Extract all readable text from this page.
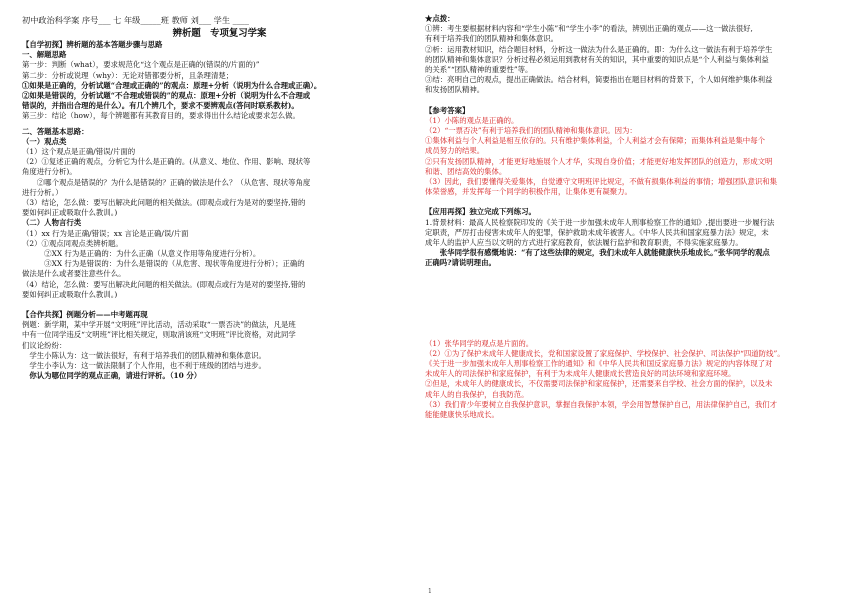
初中政治科学案 序号___ 七 年级_____班 教师 刘___ 学生 ____
辨析题　专项复习学案
【自学初探】辨析题的基本答题步骤与思路
一、解题思路
第一步：判断（what），要求规范化“这个观点是正确的(错误的/片面的)”
第二步：分析或说理（why）：无论对错都要分析，且条理清楚；
①如果是正确的，分析试题“合理或正确的”的观点：原理+分析（说明为什么合理或正确）。
②如果是错误的，分析试题“不合理或错误的”的观点：原理+分析（说明为什么不合理或
错误的，并指出合理的是什么）。有几个辨几个，要求不要辨观点(答问时联系教材)。
第三步：结论（how），每个辨题都有其教育目的，要求得出什么结论或要求怎么做。
二、答题基本思路：
（一）观点类
（1）这个观点是正确/错误/片面的
（2）①复述正确的观点，分析它为什么是正确的。(从意义、地位、作用、影响、现状等
角度进行分析)。
　　②哪个观点是错误的？为什么是错误的？正确的做法是什么？（从危害、现状等角度
进行分析。）
（3）结论，怎么做：要写出解决此问题的相关做法。(即观点或行为是对的要坚持,错的
要如何纠正或吸取什么教训。)
（二）人物言行类
（1）xx 行为是正确/错误；xx 言论是正确/误/片面
（2）①观点同观点类辨析题。
　　　②XX 行为是正确的：为什么正确（从意义作用等角度进行分析）。
　　　③XX 行为是错误的：为什么是错误的（从危害、现状等角度进行分析）；正确的
做法是什么或者要注意些什么。
（4）结论，怎么做：要写出解决此问题的相关做法。(即观点或行为是对的要坚持,错的
要如何纠正或吸取什么教训。)
【合作共探】例题分析——中考题再现
例题：新学期，某中学开展“文明班”评比活动，活动采取“一票否决”的做法，凡是班
中有一位同学违反“文明班”评比相关规定，则取消该班“文明班”评比资格，对此同学
们议论纷纷：
　学生小陈认为：这一做法很好，有利于培养我们的团队精神和集体意识。
　学生小李认为：这一做法限制了个人作用，也不利于班级的团结与进步。
　你认为哪位同学的观点正确，请进行评析。（10 分）
★点拨：
①辨：考生要根据材料内容和“学生小陈”和“学生小李”的看法，辨别出正确的观点——这一做法很好,
有利于培养我们的团队精神和集体意识。
②析：运用教材知识，结合题目材料，分析这一做法为什么是正确的。即：为什么这一做法有利于培养学生
的团队精神和集体意识？分析过程必须运用到教材有关的知识，其中重要的知识点是“个人利益与集体利益
的关系”“团队精神的重要性”等。
③结：亮明自己的观点，提出正确做法。结合材料，简要指出在题目材料的背景下，个人如何维护集体利益
和发扬团队精神。
【参考答案】
（1）小陈的观点是正确的。
（2）“一票否决”有利于培养我们的团队精神和集体意识。因为：
①集体利益与个人利益是相互依存的。只有维护集体利益，个人利益才会有保障；而集体利益是集中每个
成员努力的结果。
②只有发扬团队精神，才能更好地施展个人才华，实现自身价值；才能更好地发挥团队的创造力，形成文明
和谐、团结高效的集体。
（3）因此，我们要懂得关爱集体，自觉遵守文明班评比规定，不做有损集体利益的事情；增强团队意识和集
体荣誉感，并发挥每一个同学的积极作用，让集体更有凝聚力。
【应用再探】独立完成下列练习。
1.背景材料：最高人民检察院印发的《关于进一步加强未成年人刑事检察工作的通知》,提出要进一步履行法
定职责，严厉打击侵害未成年人的犯罪，保护救助未成年被害人。《中华人民共和国家庭暴力法》规定，未
成年人的监护人应当以文明的方式进行家庭教育，依法履行监护和教育职责，不得实施家庭暴力。
　　张华同学很有感慨地说：“有了这些法律的规定，我们未成年人就能健康快乐地成长。”张华同学的观点
正确吗?请说明理由。
（1）张华同学的观点是片面的。
（2）①为了保护未成年人健康成长，党和国家设置了家庭保护、学校保护、社会保护、司法保护“四道防线”。
《关于进一步加强未成年人刑事检察工作的通知》和《中华人民共和国反家庭暴力法》规定的内容体现了对
未成年人的司法保护和家庭保护，有利于为未成年人健康成长营造良好的司法环境和家庭环境。
②但是，未成年人的健康成长，不仅需要司法保护和家庭保护，还需要来自学校、社会方面的保护，以及未
成年人的自我保护，自我防范。
（3）我们青少年要树立自我保护意识，掌握自我保护本领，学会用智慧保护自己，用法律保护自己，我们才
能能健康快乐地成长。
1
